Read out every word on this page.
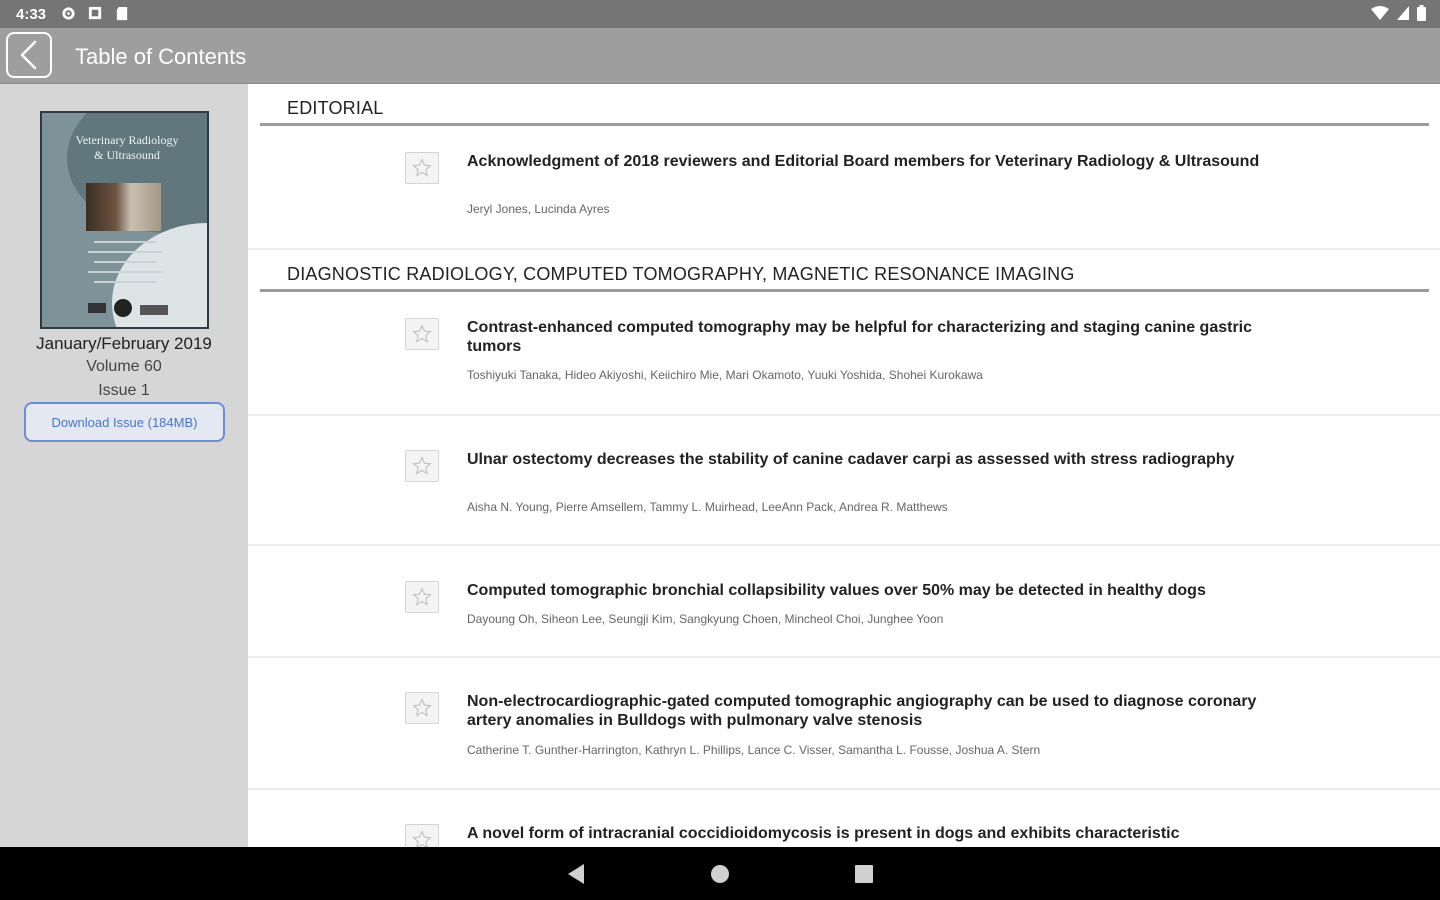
4:33
Table of Contents
Veterinary Radiology & Ultrasound
January/February 2019
Volume 60
Issue 1
Download Issue (184MB)
EDITORIAL
Acknowledgment of 2018 reviewers and Editorial Board members for Veterinary Radiology & Ultrasound
Jeryl Jones, Lucinda Ayres
DIAGNOSTIC RADIOLOGY, COMPUTED TOMOGRAPHY, MAGNETIC RESONANCE IMAGING
Contrast-enhanced computed tomography may be helpful for characterizing and staging canine gastric tumors
Toshiyuki Tanaka, Hideo Akiyoshi, Keiichiro Mie, Mari Okamoto, Yuuki Yoshida, Shohei Kurokawa
Ulnar ostectomy decreases the stability of canine cadaver carpi as assessed with stress radiography
Aisha N. Young, Pierre Amsellem, Tammy L. Muirhead, LeeAnn Pack, Andrea R. Matthews
Computed tomographic bronchial collapsibility values over 50% may be detected in healthy dogs
Dayoung Oh, Siheon Lee, Seungji Kim, Sangkyung Choen, Mincheol Choi, Junghee Yoon
Non-electrocardiographic-gated computed tomographic angiography can be used to diagnose coronary artery anomalies in Bulldogs with pulmonary valve stenosis
Catherine T. Gunther-Harrington, Kathryn L. Phillips, Lance C. Visser, Samantha L. Fousse, Joshua A. Stern
A novel form of intracranial coccidioidomycosis is present in dogs and exhibits characteristic
